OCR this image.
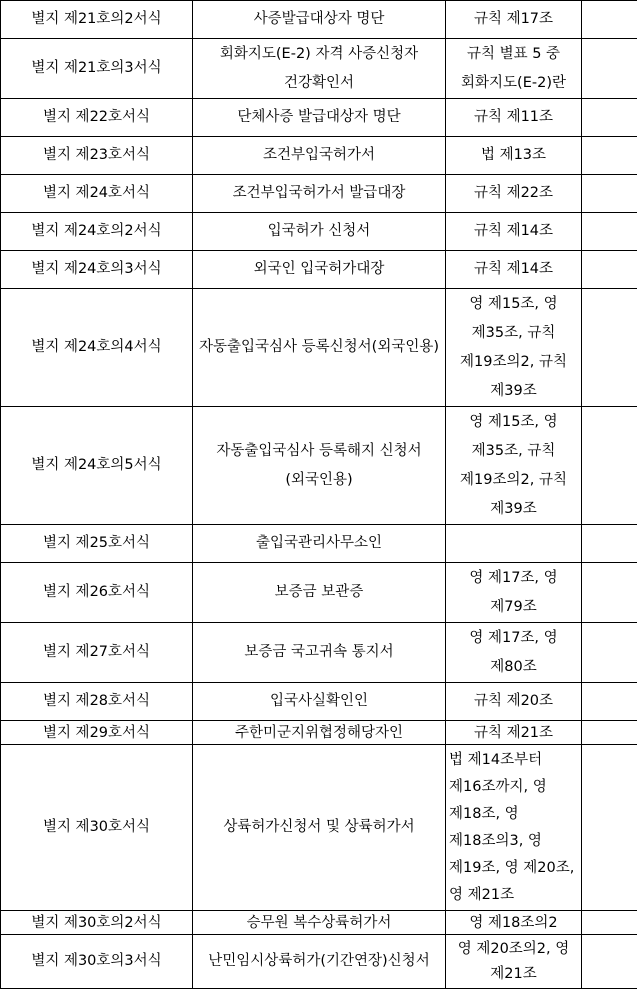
별지 제21호의2서식	사증발급대상자 명단	규칙 제17조	
별지 제21호의3서식	회화지도(E-2) 자격 사증신청자 건강확인서	규칙 별표 5 중 회화지도(E-2)란	
별지 제22호서식	단체사증 발급대상자 명단	규칙 제11조	
별지 제23호서식	조건부입국허가서	법 제13조	
별지 제24호서식	조건부입국허가서 발급대장	규칙 제22조	
별지 제24호의2서식	입국허가 신청서	규칙 제14조	
별지 제24호의3서식	외국인 입국허가대장	규칙 제14조	
별지 제24호의4서식	자동출입국심사 등록신청서(외국인용)	영 제15조, 영 제35조, 규칙 제19조의2, 규칙 제39조	
별지 제24호의5서식	자동출입국심사 등록해지 신청서(외국인용)	영 제15조, 영 제35조, 규칙 제19조의2, 규칙 제39조	
별지 제25호서식	출입국관리사무소인		
별지 제26호서식	보증금 보관증	영 제17조, 영 제79조	
별지 제27호서식	보증금 국고귀속 통지서	영 제17조, 영 제80조	
별지 제28호서식	입국사실확인인	규칙 제20조	
별지 제29호서식	주한미군지위협정해당자인	규칙 제21조	
별지 제30호서식	상륙허가신청서 및 상륙허가서	법 제14조부터 제16조까지, 영 제18조, 영 제18조의3, 영 제19조, 영 제20조, 영 제21조	
별지 제30호의2서식	승무원 복수상륙허가서	영 제18조의2	
별지 제30호의3서식	난민임시상륙허가(기간연장)신청서	영 제20조의2, 영 제21조	
